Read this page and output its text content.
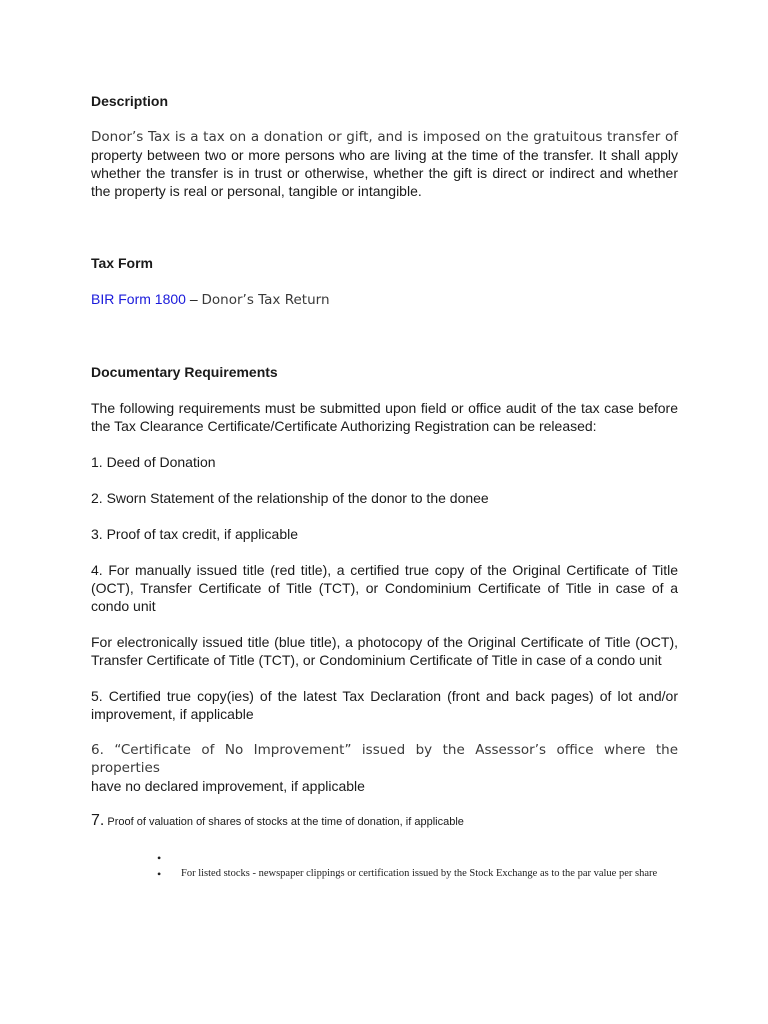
Description

Donor’s Tax is a tax on a donation or gift, and is imposed on the gratuitous transfer of

property between two or more persons who are living at the time of the transfer. It shall apply whether the transfer is in trust or otherwise, whether the gift is direct or indirect and whether the property is real or personal, tangible or intangible.

Tax Form

BIR Form 1800 – Donor’s Tax Return

Documentary Requirements

The following requirements must be submitted upon field or office audit of the tax case before the Tax Clearance Certificate/Certificate Authorizing Registration can be released:

1. Deed of Donation

2. Sworn Statement of the relationship of the donor to the donee

3. Proof of tax credit, if applicable

4. For manually issued title (red title), a certified true copy of the Original Certificate of Title (OCT), Transfer Certificate of Title (TCT), or Condominium Certificate of Title in case of a condo unit

For electronically issued title (blue title), a photocopy of the Original Certificate of Title (OCT), Transfer Certificate of Title (TCT), or Condominium Certificate of Title in case of a condo unit

5. Certified true copy(ies) of the latest Tax Declaration (front and back pages) of lot and/or improvement, if applicable

6. “Certificate of No Improvement” issued by the Assessor’s office where the properties

have no declared improvement, if applicable

7. Proof of valuation of shares of stocks at the time of donation, if applicable

•
• For listed stocks - newspaper clippings or certification issued by the Stock Exchange as to the par value per share
